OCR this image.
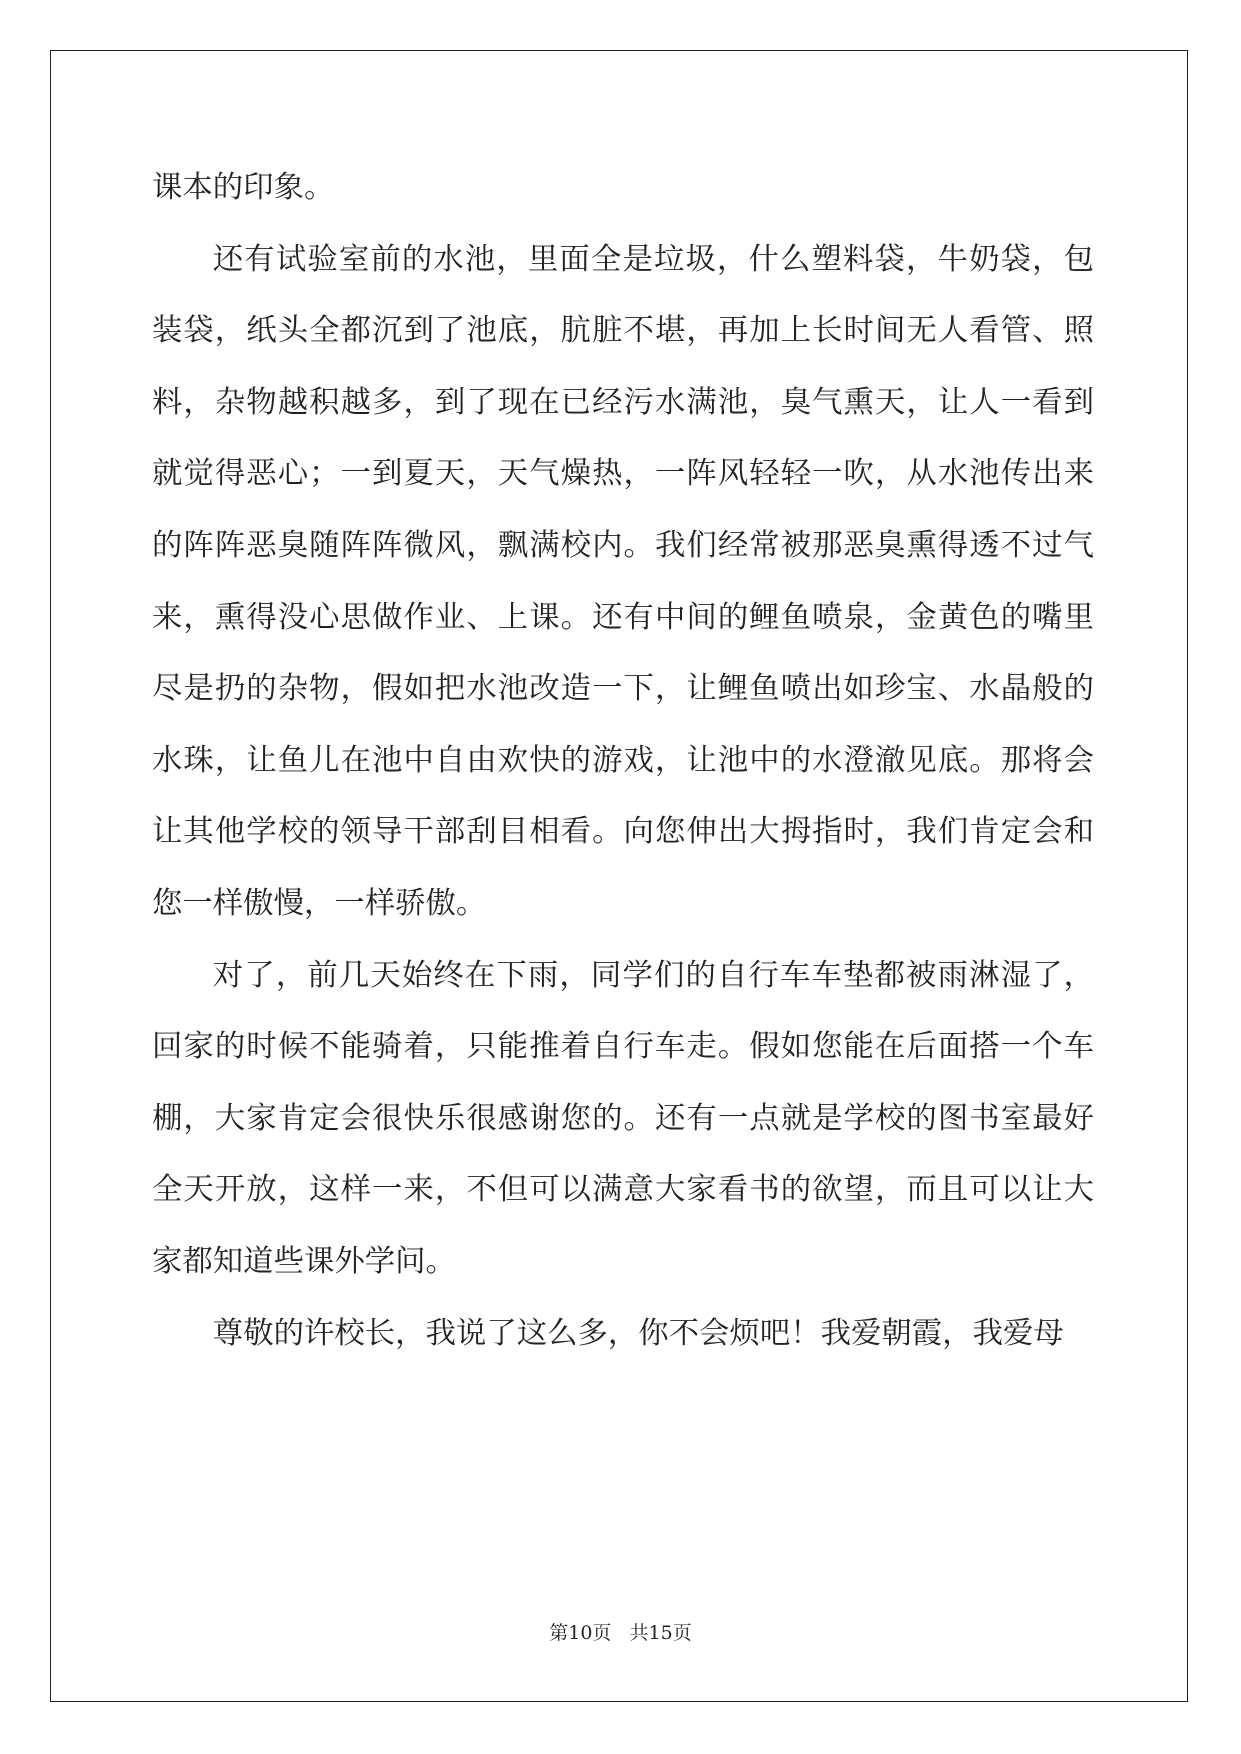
课本的印象。

还有试验室前的水池，里面全是垃圾，什么塑料袋，牛奶袋，包装袋，纸头全都沉到了池底，肮脏不堪，再加上长时间无人看管、照料，杂物越积越多，到了现在已经污水满池，臭气熏天，让人一看到就觉得恶心；一到夏天，天气燥热，一阵风轻轻一吹，从水池传出来的阵阵恶臭随阵阵微风，飘满校内。我们经常被那恶臭熏得透不过气来，熏得没心思做作业、上课。还有中间的鲤鱼喷泉，金黄色的嘴里尽是扔的杂物，假如把水池改造一下，让鲤鱼喷出如珍宝、水晶般的水珠，让鱼儿在池中自由欢快的游戏，让池中的水澄澈见底。那将会让其他学校的领导干部刮目相看。向您伸出大拇指时，我们肯定会和您一样傲慢，一样骄傲。

对了，前几天始终在下雨，同学们的自行车车垫都被雨淋湿了，回家的时候不能骑着，只能推着自行车走。假如您能在后面搭一个车棚，大家肯定会很快乐很感谢您的。还有一点就是学校的图书室最好全天开放，这样一来，不但可以满意大家看书的欲望，而且可以让大家都知道些课外学问。

尊敬的许校长，我说了这么多，你不会烦吧！我爱朝霞，我爱母

第10页   共15页
